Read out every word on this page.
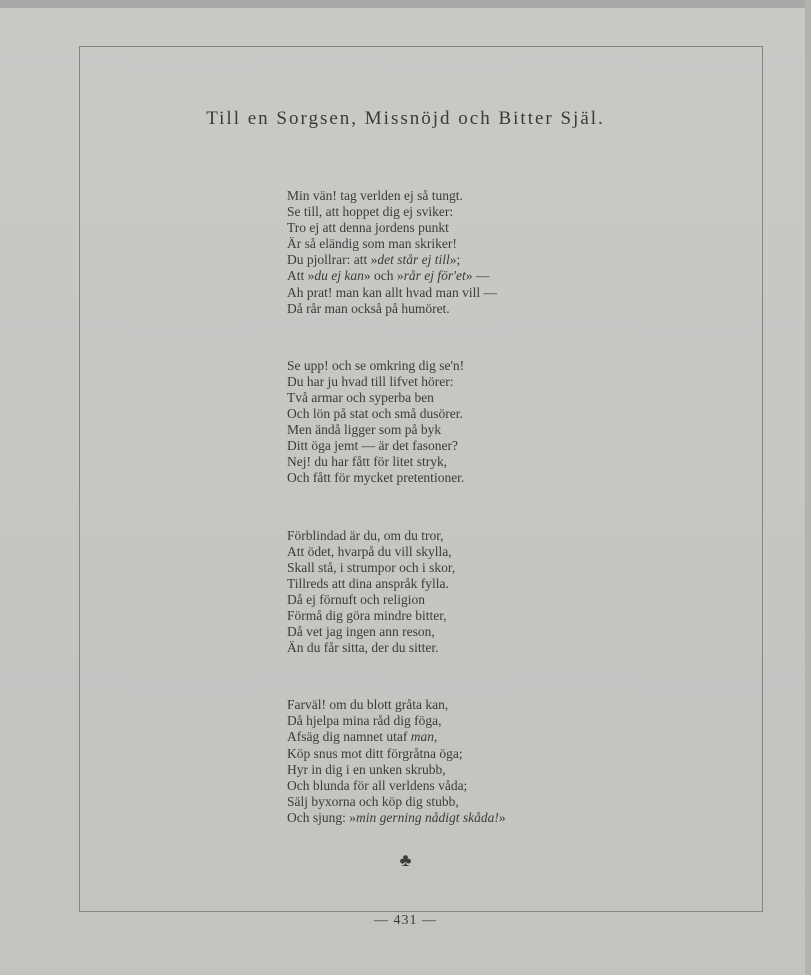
Till en Sorgsen, Missnöjd och Bitter Själ.
Min vän! tag verlden ej så tungt.
Se till, att hoppet dig ej sviker:
Tro ej att denna jordens punkt
Är så eländig som man skriker!
Du pjollrar: att »det står ej till»;
Att »du ej kan» och »rår ej för'et» —
Ah prat! man kan allt hvad man vill —
Då rår man också på humöret.
Se upp! och se omkring dig se'n!
Du har ju hvad till lifvet hörer:
Två armar och syperba ben
Och lön på stat och små dusörer.
Men ändå ligger som på byk
Ditt öga jemt — är det fasoner?
Nej! du har fått för litet stryk,
Och fått för mycket pretentioner.
Förblindad är du, om du tror,
Att ödet, hvarpå du vill skylla,
Skall stå, i strumpor och i skor,
Tillreds att dina anspråk fylla.
Då ej förnuft och religion
Förmå dig göra mindre bitter,
Då vet jag ingen ann reson,
Än du får sitta, der du sitter.
Farväl! om du blott gråta kan,
Då hjelpa mina råd dig föga,
Afsäg dig namnet utaf man,
Köp snus mot ditt förgråtna öga;
Hyr in dig i en unken skrubb,
Och blunda för all verldens våda;
Sälj byxorna och köp dig stubb,
Och sjung: »min gerning nådigt skåda!»
♣
— 431 —
